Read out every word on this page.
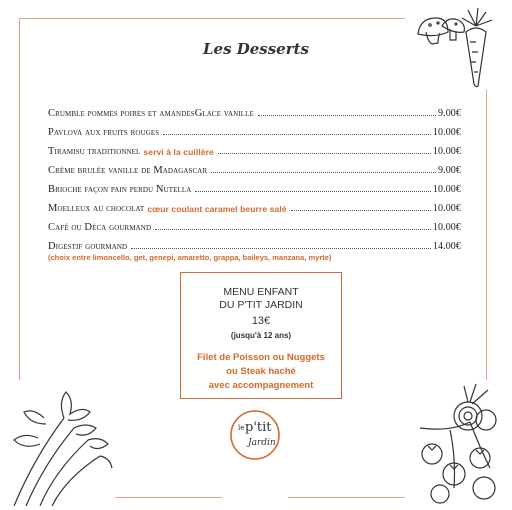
Les Desserts
Crumble pommes poires et amandesGlace vanille	9.00€
Pavlova aux fruits rouges	10.00€
Tiramisu traditionnel servi à la cuillère	10.00€
Crème brulée vanille de Madagascar	9.00€
Brioche façon pain perdu Nutella	10.00€
Moelleux au chocolat cœur coulant caramel beurre salé	10.00€
Café ou Déca gourmand	10.00€
Digestif gourmand	14.00€
(choix entre limoncello, get, genepi, amaretto, grappa, baileys, manzana, myrte)
MENU ENFANT
DU P'TIT JARDIN
13€
(jusqu'à 12 ans)
Filet de Poisson ou Nuggets
ou Steak haché
avec accompagnement
le p'tit
Jardin
